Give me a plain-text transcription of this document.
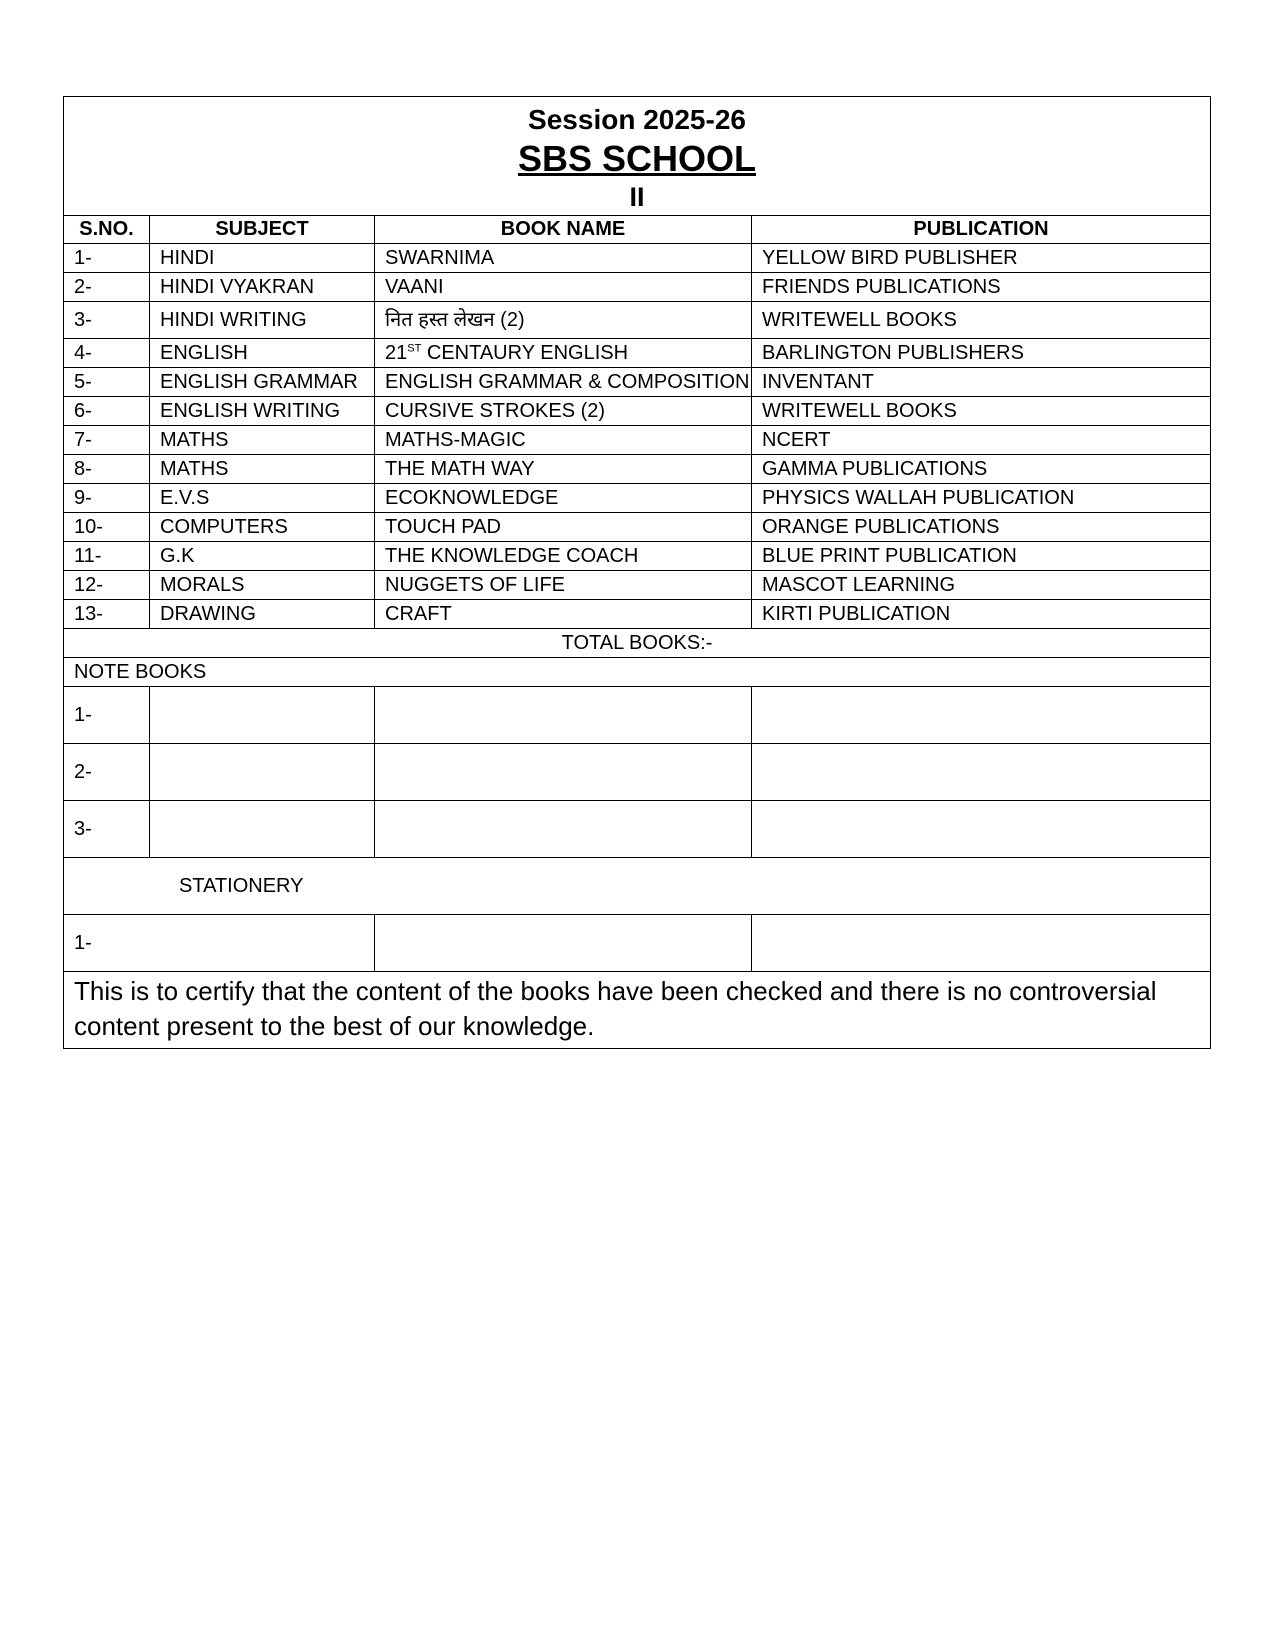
Session 2025-26
SBS SCHOOL
II			

S.NO.	SUBJECT	BOOK NAME	PUBLICATION
1-	HINDI	SWARNIMA	YELLOW BIRD PUBLISHER
2-	HINDI VYAKRAN	VAANI	FRIENDS PUBLICATIONS
3-	HINDI WRITING	नित हस्त लेखन (2)	WRITEWELL BOOKS
4-	ENGLISH	21ST CENTAURY ENGLISH	BARLINGTON PUBLISHERS
5-	ENGLISH GRAMMAR	ENGLISH GRAMMAR & COMPOSITION	INVENTANT
6-	ENGLISH WRITING	CURSIVE STROKES (2)	WRITEWELL BOOKS
7-	MATHS	MATHS-MAGIC	NCERT
8-	MATHS	THE MATH WAY	GAMMA PUBLICATIONS
9-	E.V.S	ECOKNOWLEDGE	PHYSICS WALLAH PUBLICATION
10-	COMPUTERS	TOUCH PAD	ORANGE PUBLICATIONS
11-	G.K	THE KNOWLEDGE COACH	BLUE PRINT PUBLICATION
12-	MORALS	NUGGETS OF LIFE	MASCOT LEARNING
13-	DRAWING	CRAFT	KIRTI PUBLICATION
TOTAL BOOKS:-			
NOTE BOOKS			
1-			
2-			
3-			
STATIONERY			
1-			
This is to certify that the content of the books have been checked and there is no controversial content present to the best of our knowledge.			
